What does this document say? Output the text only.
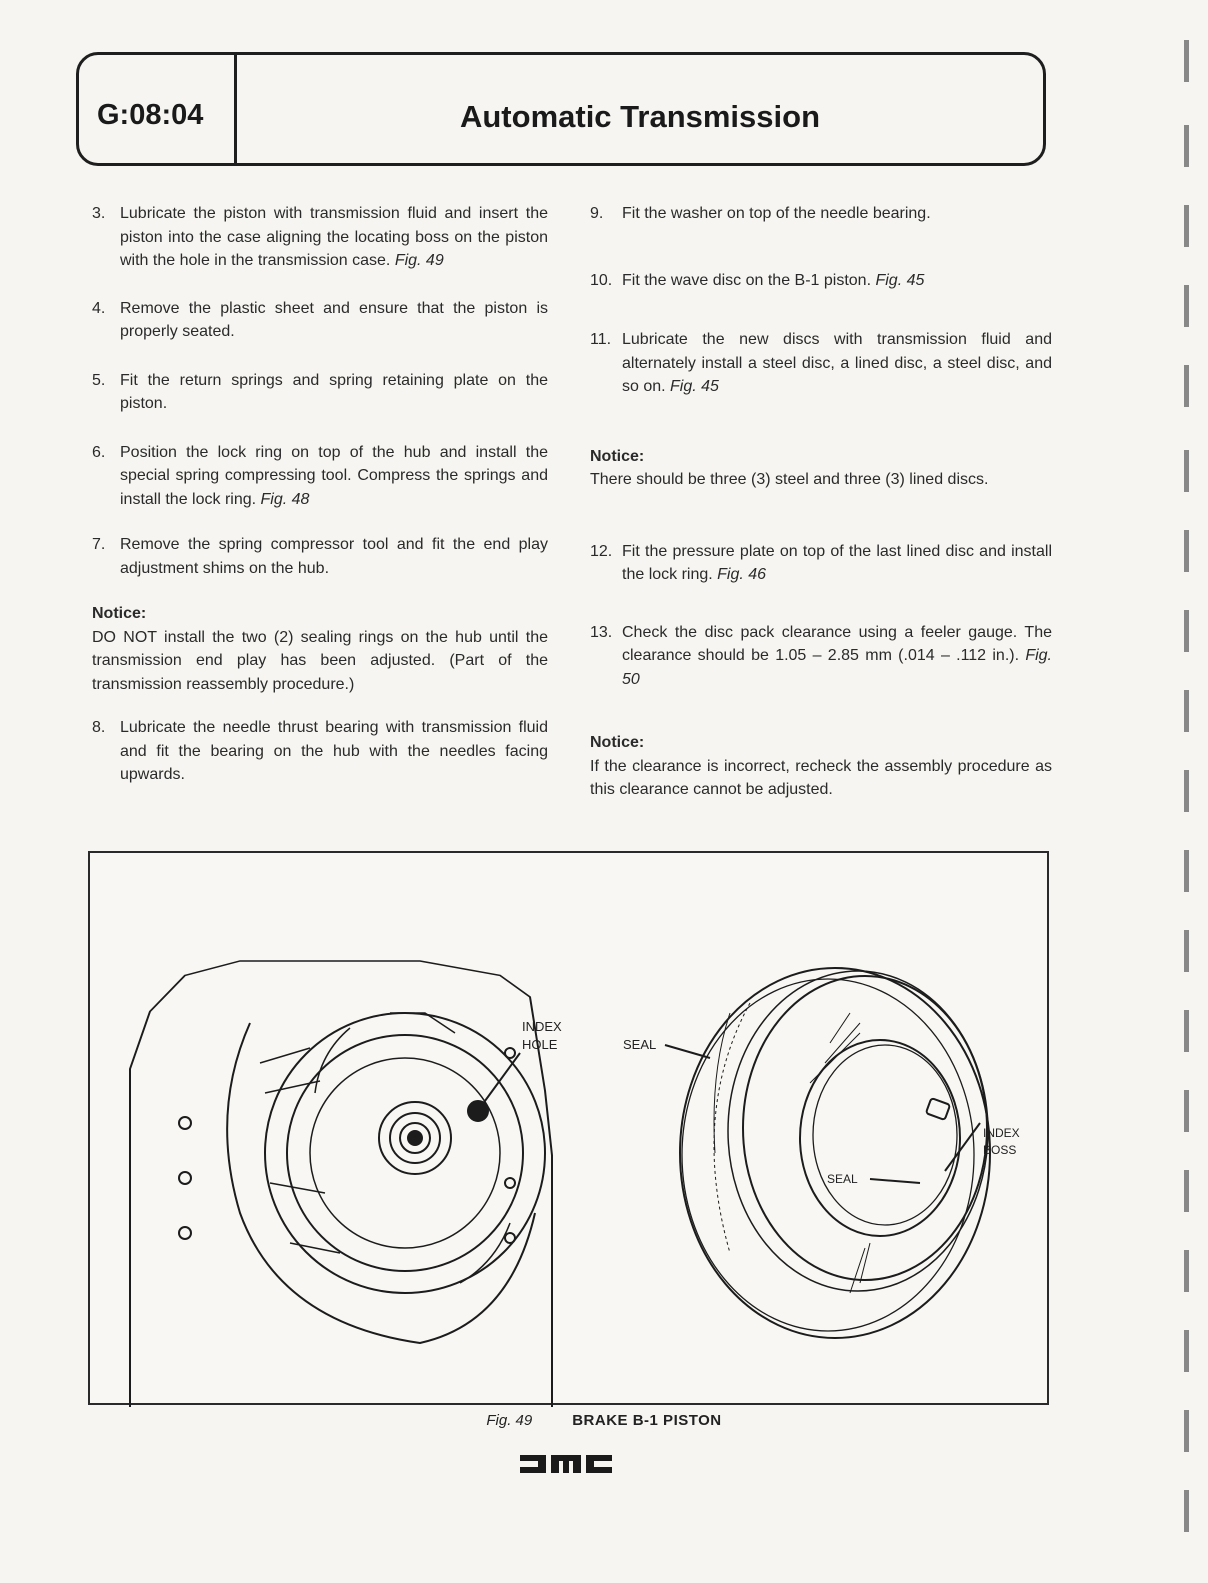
G:08:04	Automatic Transmission
3. Lubricate the piston with transmission fluid and insert the piston into the case aligning the locating boss on the piston with the hole in the transmission case. Fig. 49
4. Remove the plastic sheet and ensure that the piston is properly seated.
5. Fit the return springs and spring retaining plate on the piston.
6. Position the lock ring on top of the hub and install the special spring compressing tool. Compress the springs and install the lock ring. Fig. 48
7. Remove the spring compressor tool and fit the end play adjustment shims on the hub.
Notice:
DO NOT install the two (2) sealing rings on the hub until the transmission end play has been adjusted. (Part of the transmission reassembly procedure.)
8. Lubricate the needle thrust bearing with transmission fluid and fit the bearing on the hub with the needles facing upwards.
9. Fit the washer on top of the needle bearing.
10. Fit the wave disc on the B-1 piston. Fig. 45
11. Lubricate the new discs with transmission fluid and alternately install a steel disc, a lined disc, a steel disc, and so on. Fig. 45
Notice:
There should be three (3) steel and three (3) lined discs.
12. Fit the pressure plate on top of the last lined disc and install the lock ring. Fig. 46
13. Check the disc pack clearance using a feeler gauge. The clearance should be 1.05 – 2.85 mm (.014 – .112 in.). Fig. 50
Notice:
If the clearance is incorrect, recheck the assembly procedure as this clearance cannot be adjusted.
INDEX
HOLE	SEAL
SEAL
INDEX
BOSS
Fig. 49	BRAKE B-1 PISTON
